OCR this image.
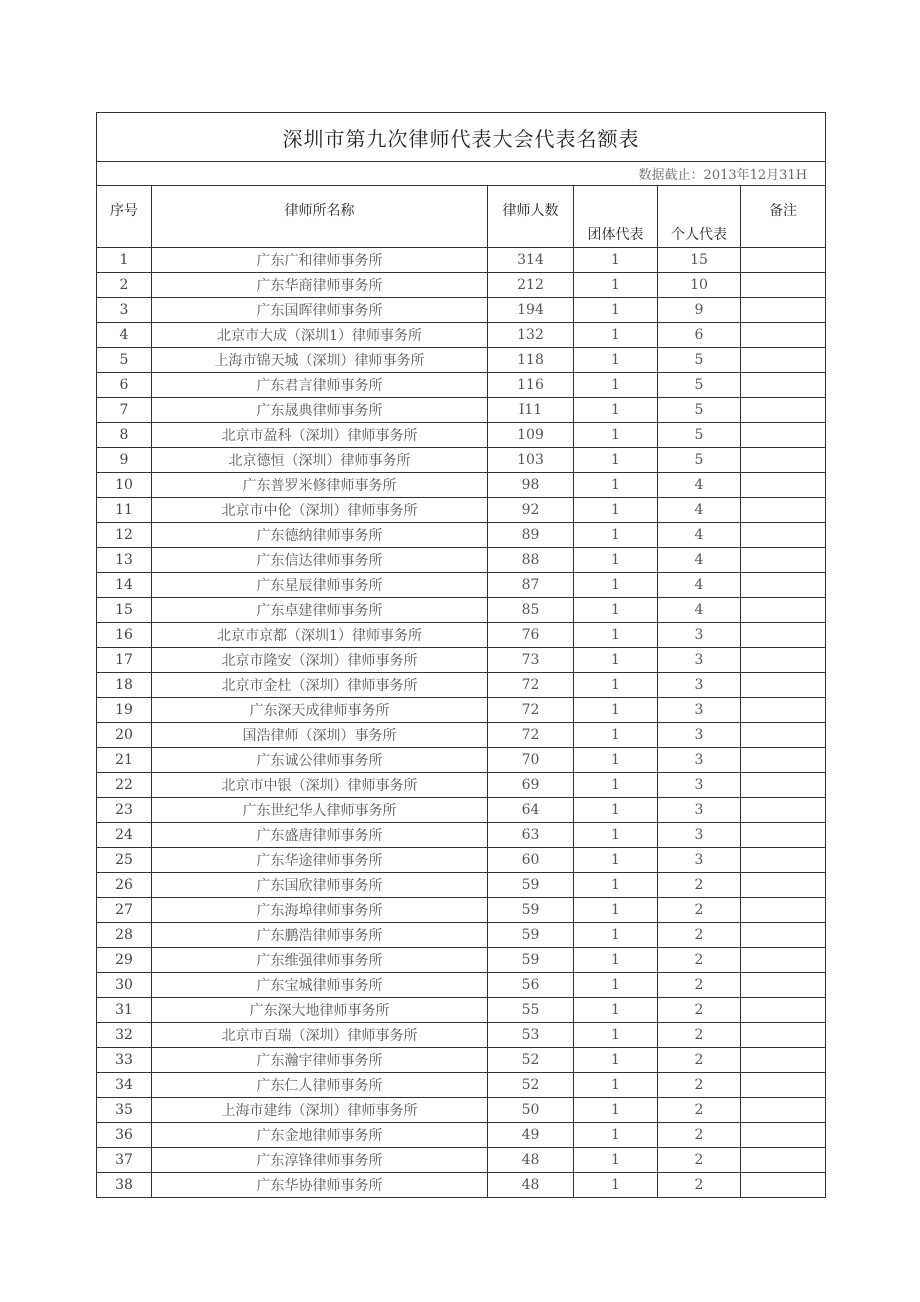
深圳市第九次律师代表大会代表名额表					
数据截止：2013年12月31H					
序号	律师所名称	律师人数	团体代表	个人代表	备注
1	广东广和律师事务所	314	1	15	
2	广东华商律师事务所	212	1	10	
3	广东国晖律师事务所	194	1	9	
4	北京市大成（深圳1）律师事务所	132	1	6	
5	上海市锦天城（深圳）律师事务所	118	1	5	
6	广东君言律师事务所	116	1	5	
7	广东晟典律师事务所	I11	1	5	
8	北京市盈科（深圳）律师事务所	109	1	5	
9	北京德恒（深圳）律师事务所	103	1	5	
10	广东普罗米修律师事务所	98	1	4	
11	北京市中伦（深圳）律师事务所	92	1	4	
12	广东德纳律师事务所	89	1	4	
13	广东信达律师事务所	88	1	4	
14	广东星辰律师事务所	87	1	4	
15	广东卓建律师事务所	85	1	4	
16	北京市京都（深圳1）律师事务所	76	1	3	
17	北京市隆安（深圳）律师事务所	73	1	3	
18	北京市金杜（深圳）律师事务所	72	1	3	
19	广东深天成律师事务所	72	1	3	
20	国浩律师（深圳）事务所	72	1	3	
21	广东诚公律师事务所	70	1	3	
22	北京市中银（深圳）律师事务所	69	1	3	
23	广东世纪华人律师事务所	64	1	3	
24	广东盛唐律师事务所	63	1	3	
25	广东华途律师事务所	60	1	3	
26	广东国欣律师事务所	59	1	2	
27	广东海埠律师事务所	59	1	2	
28	广东鹏浩律师事务所	59	1	2	
29	广东维强律师事务所	59	1	2	
30	广东宝城律师事务所	56	1	2	
31	广东深大地律师事务所	55	1	2	
32	北京市百瑞（深圳）律师事务所	53	1	2	
33	广东瀚宇律师事务所	52	1	2	
34	广东仁人律师事务所	52	1	2	
35	上海市建纬（深圳）律师事务所	50	1	2	
36	广东金地律师事务所	49	1	2	
37	广东淳锋律师事务所	48	1	2	
38	广东华协律师事务所	48	1	2	
